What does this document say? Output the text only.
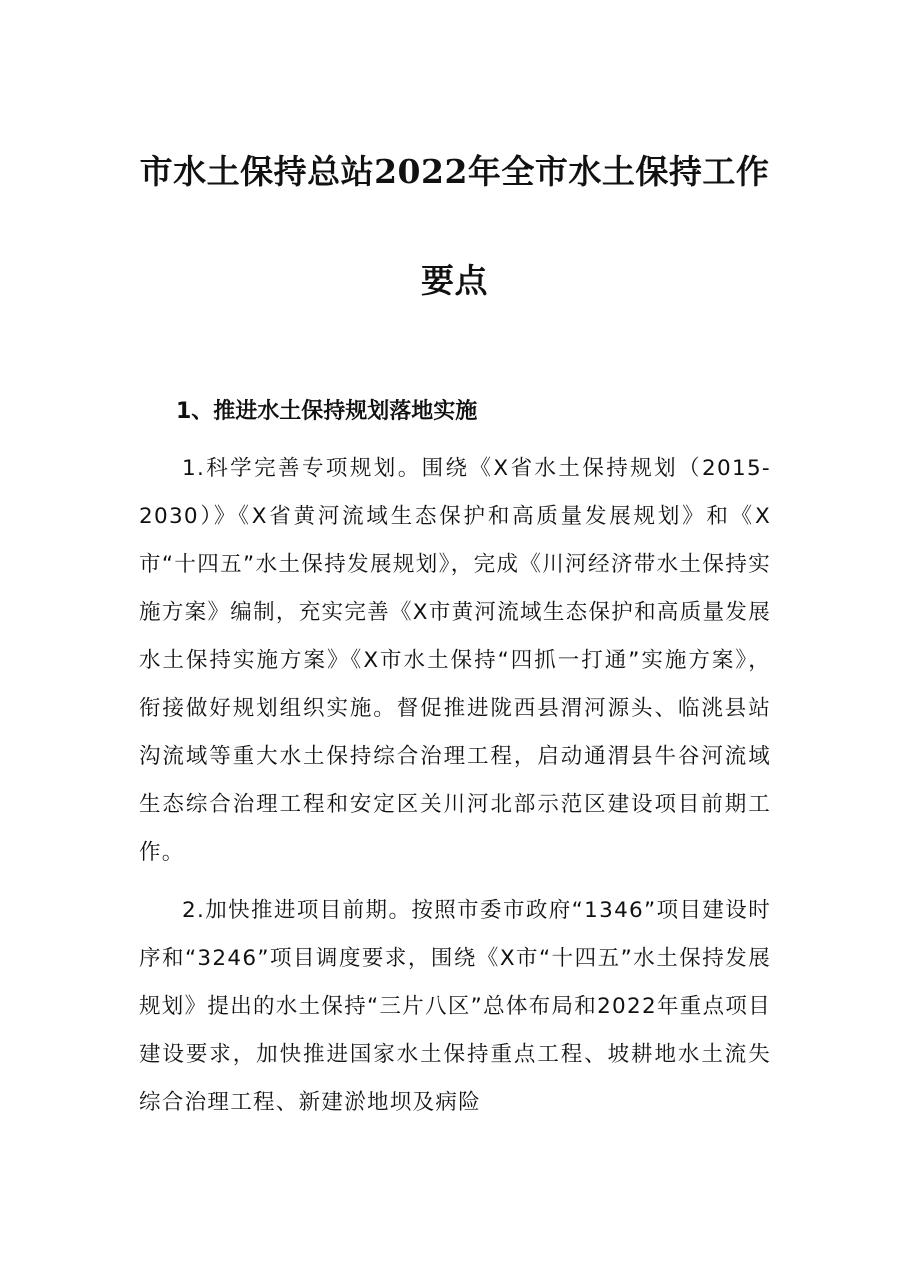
市水土保持总站2022年全市水土保持工作
要点
1、推进水土保持规划落地实施
1.科学完善专项规划。围绕《X省水土保持规划（2015-2030）》《X省黄河流域生态保护和高质量发展规划》和《X市“十四五”水土保持发展规划》，完成《川河经济带水土保持实施方案》编制，充实完善《X市黄河流域生态保护和高质量发展水土保持实施方案》《X市水土保持“四抓一打通”实施方案》，衔接做好规划组织实施。督促推进陇西县渭河源头、临洮县站沟流域等重大水土保持综合治理工程，启动通渭县牛谷河流域生态综合治理工程和安定区关川河北部示范区建设项目前期工作。
2.加快推进项目前期。按照市委市政府“1346”项目建设时序和“3246”项目调度要求，围绕《X市“十四五”水土保持发展规划》提出的水土保持“三片八区”总体布局和2022年重点项目建设要求，加快推进国家水土保持重点工程、坡耕地水土流失综合治理工程、新建淤地坝及病险
